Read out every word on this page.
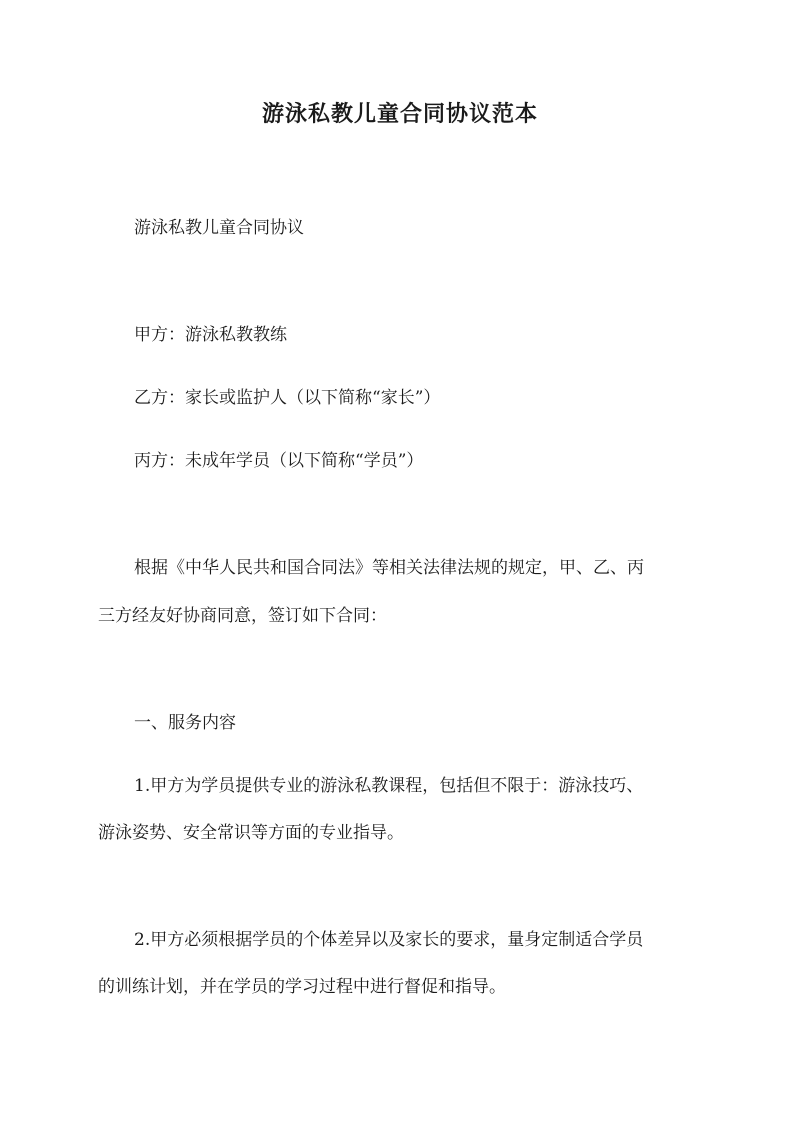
游泳私教儿童合同协议范本
游泳私教儿童合同协议
甲方：游泳私教教练
乙方：家长或监护人（以下简称“家长”）
丙方：未成年学员（以下简称“学员”）
根据《中华人民共和国合同法》等相关法律法规的规定，甲、乙、丙
三方经友好协商同意，签订如下合同：
一、服务内容
1.甲方为学员提供专业的游泳私教课程，包括但不限于：游泳技巧、
游泳姿势、安全常识等方面的专业指导。
2.甲方必须根据学员的个体差异以及家长的要求，量身定制适合学员
的训练计划，并在学员的学习过程中进行督促和指导。
